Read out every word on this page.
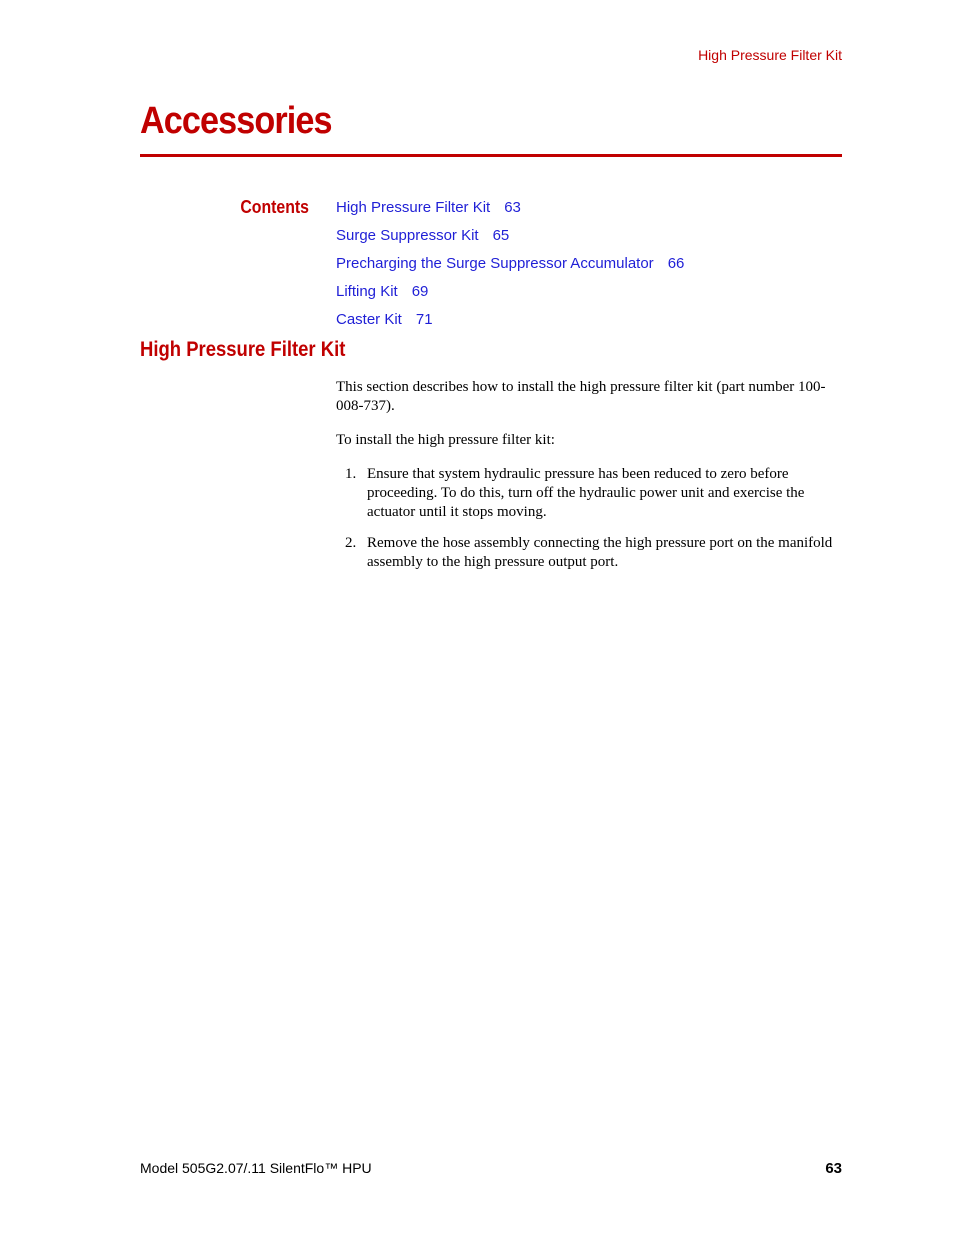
High Pressure Filter Kit
Accessories
Contents High Pressure Filter Kit 63
Surge Suppressor Kit 65
Precharging the Surge Suppressor Accumulator 66
Lifting Kit 69
Caster Kit 71
High Pressure Filter Kit

This section describes how to install the high pressure filter kit (part number 100-008-737).

To install the high pressure filter kit:

1. Ensure that system hydraulic pressure has been reduced to zero before proceeding. To do this, turn off the hydraulic power unit and exercise the actuator until it stops moving.
2. Remove the hose assembly connecting the high pressure port on the manifold assembly to the high pressure output port.
Model 505G2.07/.11 SilentFlo™ HPU	63
